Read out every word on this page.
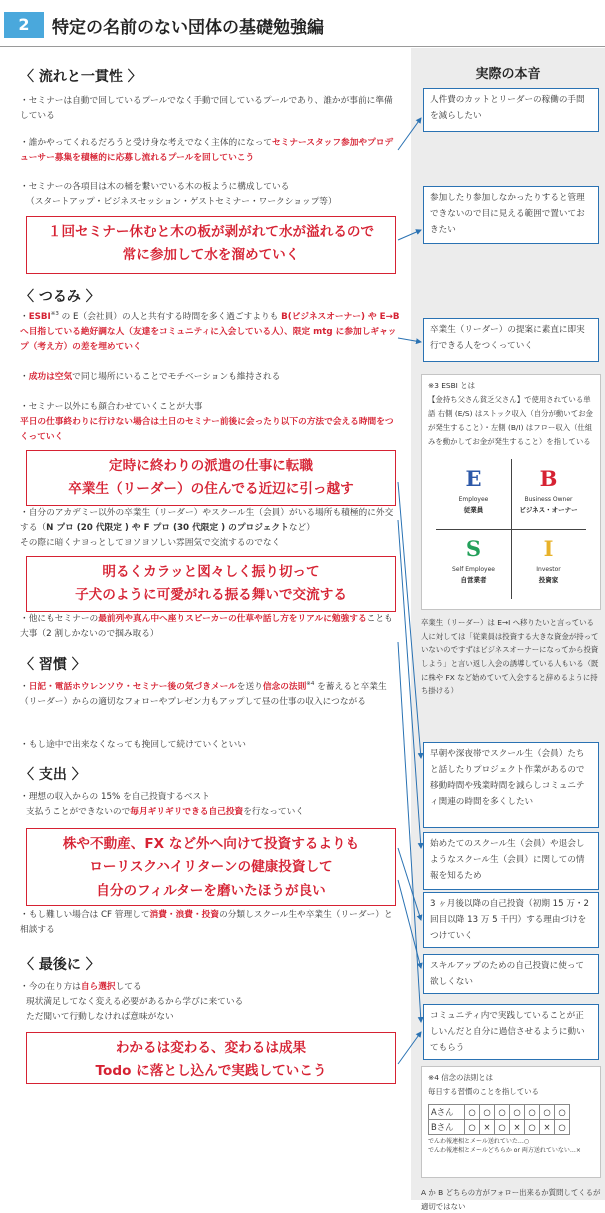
2	特定の名前のない団体の基礎勉強編
〈 流れと一貫性 〉
・セミナーは自動で回しているプールでなく手動で回しているプールであり、誰かが事前に準備している
・誰かやってくれるだろうと受け身な考えでなく主体的になってセミナースタッフ参加やプロデューサー募集を積極的に応募し流れるプールを回していこう
・セミナーの各項目は木の桶を繋いでいる木の板ように構成している
（スタートアップ・ビジネスセッション・ゲストセミナー・ワークショップ等）
１回セミナー休むと木の板が剥がれて水が溢れるので
常に参加して水を溜めていく
〈 つるみ 〉
・ESBI$^{※3}$ の E（会社員）の人と共有する時間を多く過ごすよりも B(ビジネスオーナー) や E→B へ目指している絶好調な人（友達をコミュニティに入会している人）、限定 mtg に参加しギャップ（考え方）の差を埋めていく
・成功は空気で同じ場所にいることでモチベーションも維持される
・セミナー以外にも顔合わせていくことが大事
平日の仕事終わりに行けない場合は土日のセミナー前後に会ったり以下の方法で会える時間をつくっていく
定時に終わりの派遣の仕事に転職
卒業生（リーダー）の住んでる近辺に引っ越す
・自分のアカデミー以外の卒業生（リーダー）やスクール生（会員）がいる場所も積極的に外交する（N プロ (20 代限定 ) や F プロ (30 代限定 ) のプロジェクトなど）
その際に暗くナヨっとしてヨソヨソしい雰囲気で交流するのでなく
明るくカラッと図々しく振り切って
子犬のように可愛がれる振る舞いで交流する
・他にもセミナーの最前列や真ん中へ座りスピーカーの仕草や話し方をリアルに勉強することも大事（2 割しかないので掴み取る）
〈 習慣 〉
・日記・電話ホウレンソウ・セミナー後の気づきメールを送り信念の法則$^{※4}$ を蓄えると卒業生（リーダー）からの適切なフォローやプレゼン力もアップして昼の仕事の収入につながる
・もし途中で出来なくなっても挽回して続けていくといい
〈 支出 〉
・理想の収入からの 15% を自己投資するベスト
支払うことができないので毎月ギリギリできる自己投資を行なっていく
株や不動産、FX など外へ向けて投資するよりも
ローリスクハイリターンの健康投資して
自分のフィルターを磨いたほうが良い
・もし難しい場合は CF 管理して消費・浪費・投資の分類しスクール生や卒業生（リーダー）と相談する
〈 最後に 〉
・今の在り方は自ら選択してる
現状満足してなく変える必要があるから学びに来ている
ただ聞いて行動しなければ意味がない
わかるは変わる、変わるは成果
Todo に落とし込んで実践していこう
実際の本音
人件費のカットとリーダーの稼働の手間を減らしたい
参加したり参加しなかったりすると管理できないので目に見える範囲で置いておきたい
卒業生（リーダー）の提案に素直に即実行できる人をつくっていく
※3 ESBI とは
【金持ち父さん貧乏父さん】で使用されている単語 右側 (E/S) はストック収入（自分が動いてお金が発生すること）・左側 (B/I) はフロー収入（仕組みを動かしてお金が発生すること）を指している
E
Employee
従業員
B
Business Owner
ビジネス・オーナー
S
Self Employee
自営業者
I
Investor
投資家
卒業生（リーダー）は E→I へ移りたいと言っている人に対しては「従業員は投資する大きな資金が持っていないのですずはビジネスオーナーになってから投資しよう」と言い返し入会の誘導している人もいる（既に株や FX など始めていて入会すると辞めるように持ち掛ける）
早朝や深夜帯でスクール生（会員）たちと話したりプロジェクト作業があるので移動時間や残業時間を減らしコミュニティ関連の時間を多くしたい
始めたてのスクール生（会員）や退会しようなスクール生（会員）に関しての情報を知るため
3 ヶ月後以降の自己投資（初期 15 万・2 回目以降 13 万 5 千円）する理由づけをつけていく
スキルアップのための自己投資に使って欲しくない
コミュニティ内で実践していることが正しいんだと自分に過信させるように動いてもらう
※4 信念の法則とは
毎日する習慣のことを指している
Aさん	○	○	○	○	○	○	○
Bさん	○	×	○	×	○	×	○
でんわ報連相とメール送れていた…○
でんわ報連相とメールどちらか or 両方送れていない…×
A か B どちらの方がフォロー出来るか質問してくるが適切ではない
